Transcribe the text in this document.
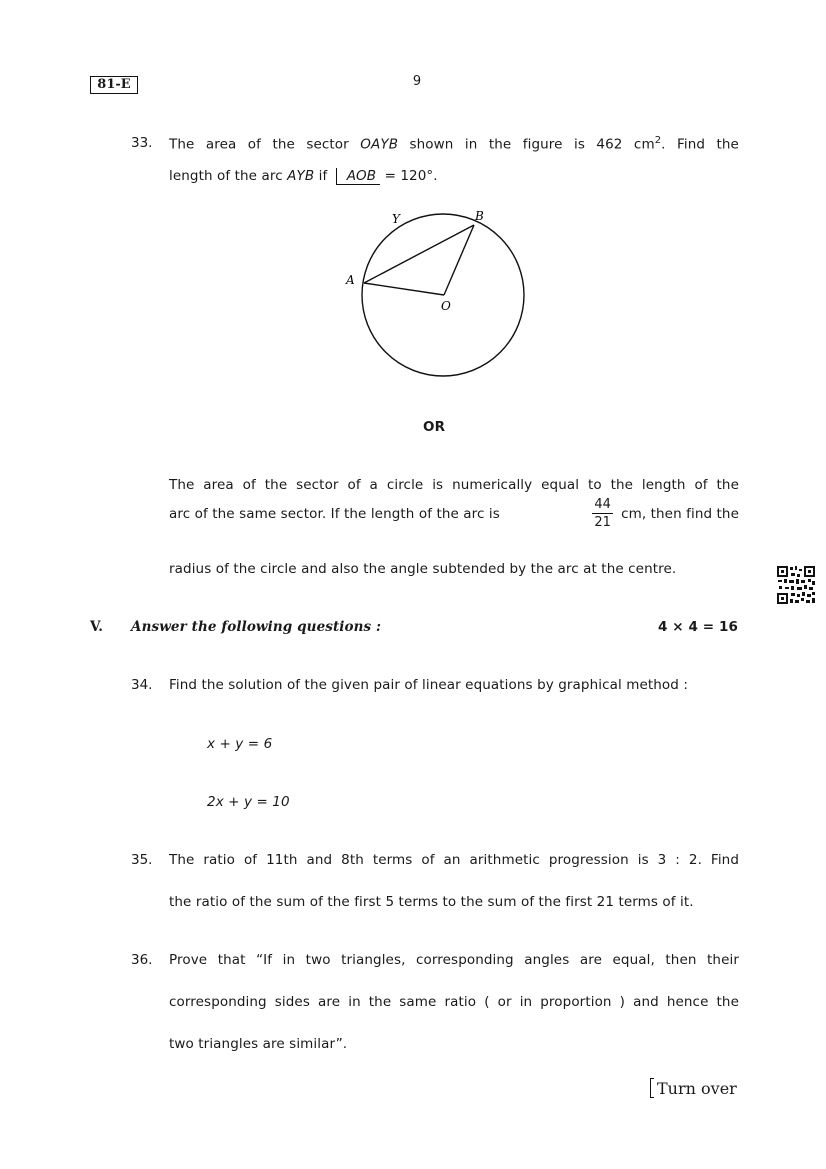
81-E	9
33. The area of the sector OAYB shown in the figure is 462 $cm^2$. Find the
length of the arc AYB if AOB = 120°.
A
B
Y
O
OR
The area of the sector of a circle is numerically equal to the length of the
arc of the same sector. If the length of the arc is	$\frac{44}{21}$ cm, then find the
radius of the circle and also the angle subtended by the arc at the centre.
V. Answer the following questions :	4 × 4 = 16
34. Find the solution of the given pair of linear equations by graphical method :
x + y = 6
2x + y = 10
35. The ratio of 11th and 8th terms of an arithmetic progression is 3 : 2. Find
the ratio of the sum of the first 5 terms to the sum of the first 21 terms of it.
36. Prove that “If in two triangles, corresponding angles are equal, then their
corresponding sides are in the same ratio ( or in proportion ) and hence the
two triangles are similar”.
Turn over
